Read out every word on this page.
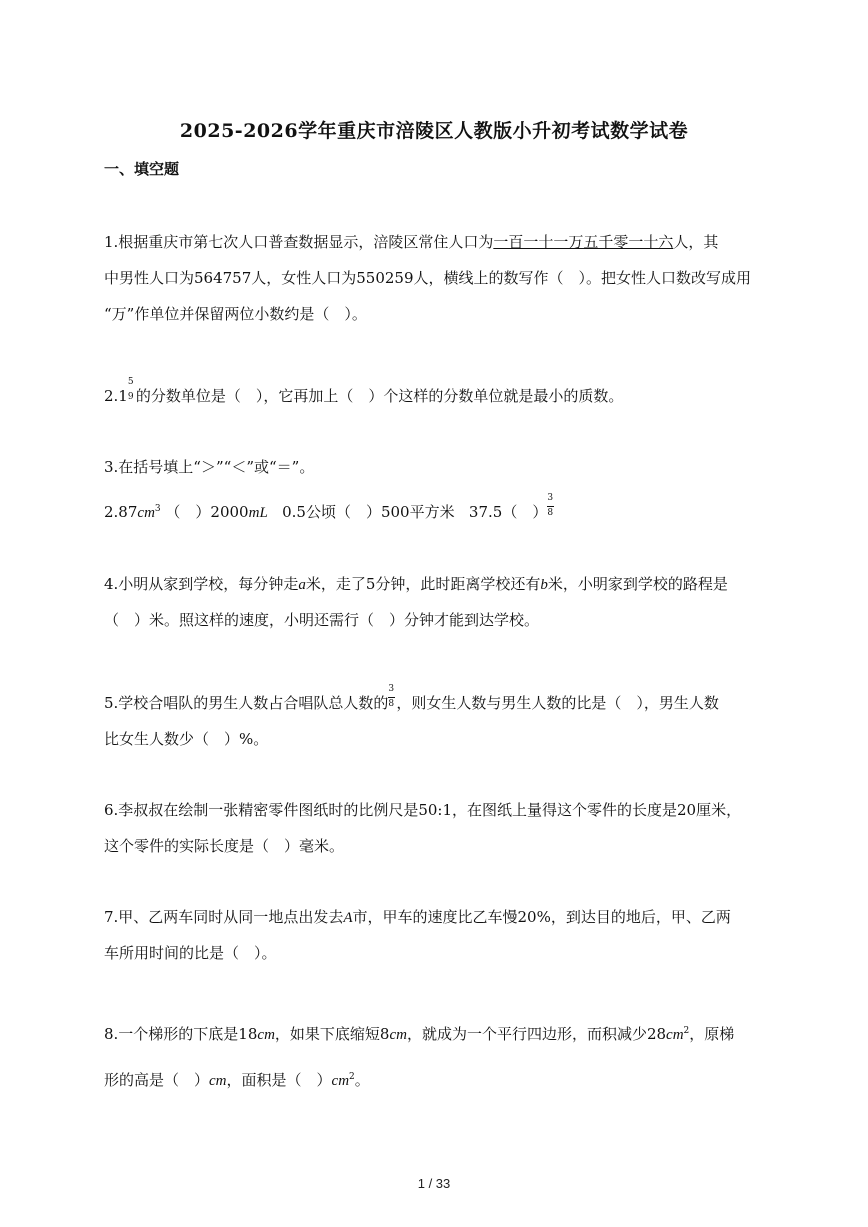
2025-2026学年重庆市涪陵区人教版小升初考试数学试卷
一、填空题
1.根据重庆市第七次人口普查数据显示，涪陵区常住人口为一百一十一万五千零一十六人，其
中男性人口为564757人，女性人口为550259人，横线上的数写作（　）。把女性人口数改写成用
“万”作单位并保留两位小数约是（　）。
2.1
5
9 的分数单位是（　），它再加上（　）个这样的分数单位就是最小的质数。
3.在括号填上“＞”“＜”或“＝”。
$2.87cm^3$ （　）2000mL 0.5公顷（　）500平方米 37.5（　） $\frac{3}{8}$
4.小明从家到学校，每分钟走a米，走了5分钟，此时距离学校还有b米，小明家到学校的路程是
（　）米。照这样的速度，小明还需行（　）分钟才能到达学校。
5.学校合唱队的男生人数占合唱队总人数的 $\frac{3}{8}$ ，则女生人数与男生人数的比是（　），男生人数
比女生人数少（　）%。
6.李叔叔在绘制一张精密零件图纸时的比例尺是50:1，在图纸上量得这个零件的长度是20厘米，
这个零件的实际长度是（　）毫米。
7.甲、乙两车同时从同一地点出发去A市，甲车的速度比乙车慢20%，到达目的地后，甲、乙两
车所用时间的比是（　）。
8.一个梯形的下底是18cm，如果下底缩短8cm，就成为一个平行四边形，而积减少$28cm^2$，原梯
形的高是（　）cm，面积是（　）$cm^2$。
1 / 33
